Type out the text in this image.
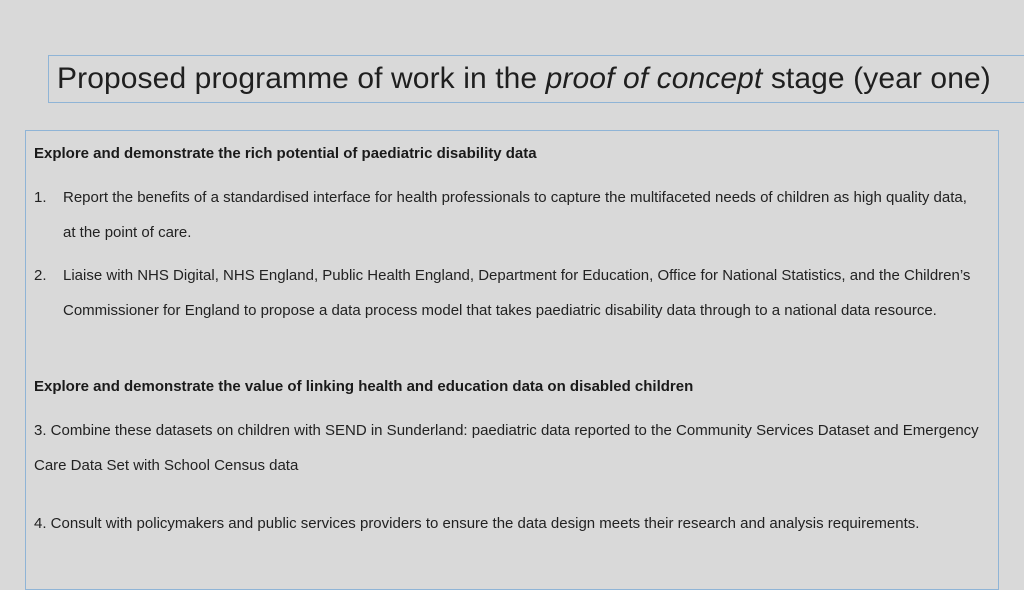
Proposed programme of work in the proof of concept stage (year one)
Explore and demonstrate the rich potential of paediatric disability data
1.	Report the benefits of a standardised interface for health professionals to capture the multifaceted needs of children as high quality data, at the point of care.
2.	Liaise with NHS Digital, NHS England, Public Health England, Department for Education, Office for National Statistics, and the Children’s Commissioner for England to propose a data process model that takes paediatric disability data through to a national data resource.
Explore and demonstrate the value of linking health and education data on disabled children
3. Combine these datasets on children with SEND in Sunderland: paediatric data reported to the Community Services Dataset and Emergency Care Data Set with School Census data
4. Consult with policymakers and public services providers to ensure the data design meets their research and analysis requirements.
